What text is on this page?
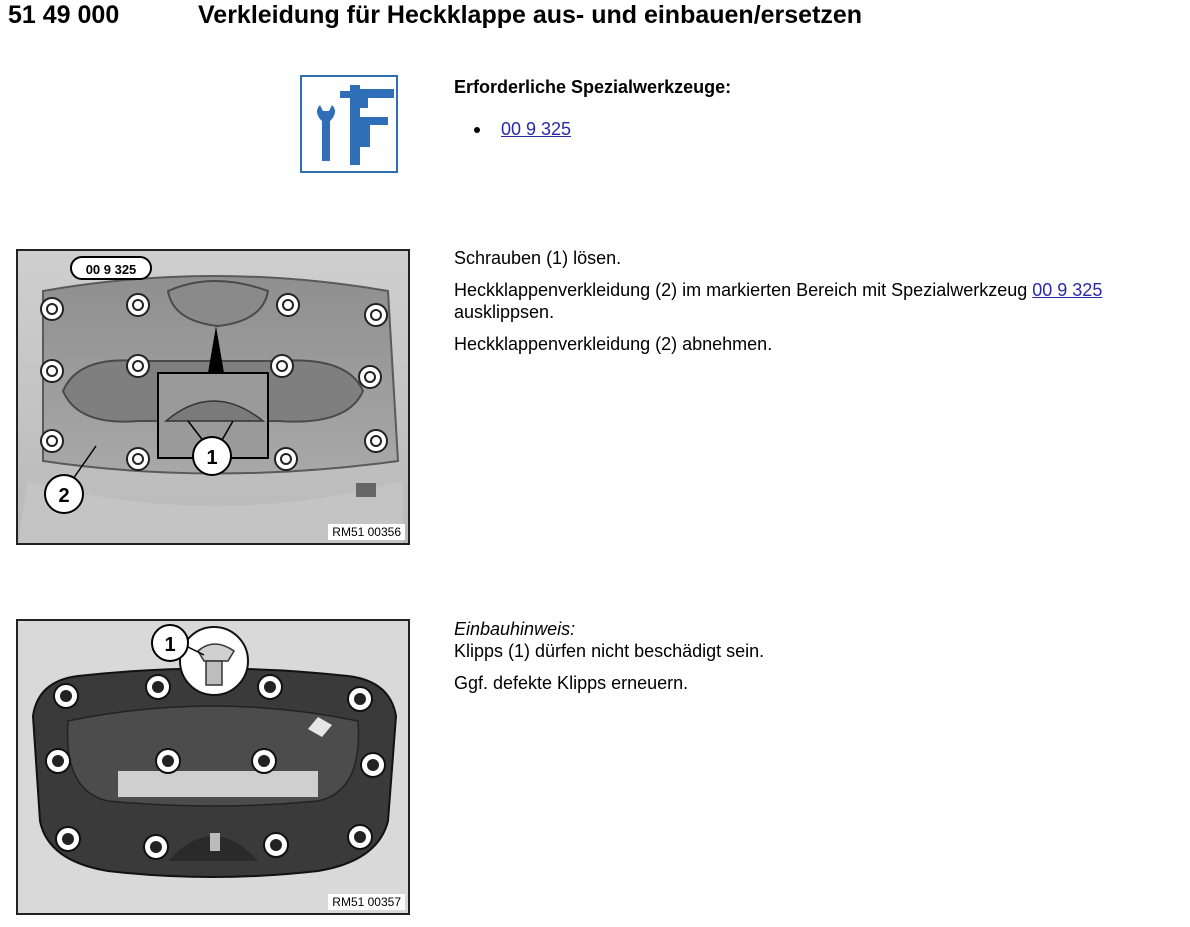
51 49 000	Verkleidung für Heckklappe aus- und einbauen/ersetzen
Erforderliche Spezialwerkzeuge:
00 9 325
00 9 325
1
2
RM51 00356

Schrauben (1) lösen.

Heckklappenverkleidung (2) im markierten Bereich mit Spezialwerkzeug 00 9 325
ausklippsen.

Heckklappenverkleidung (2) abnehmen.

1
RM51 00357

Einbauhinweis:

Klipps (1) dürfen nicht beschädigt sein.

Ggf. defekte Klipps erneuern.
